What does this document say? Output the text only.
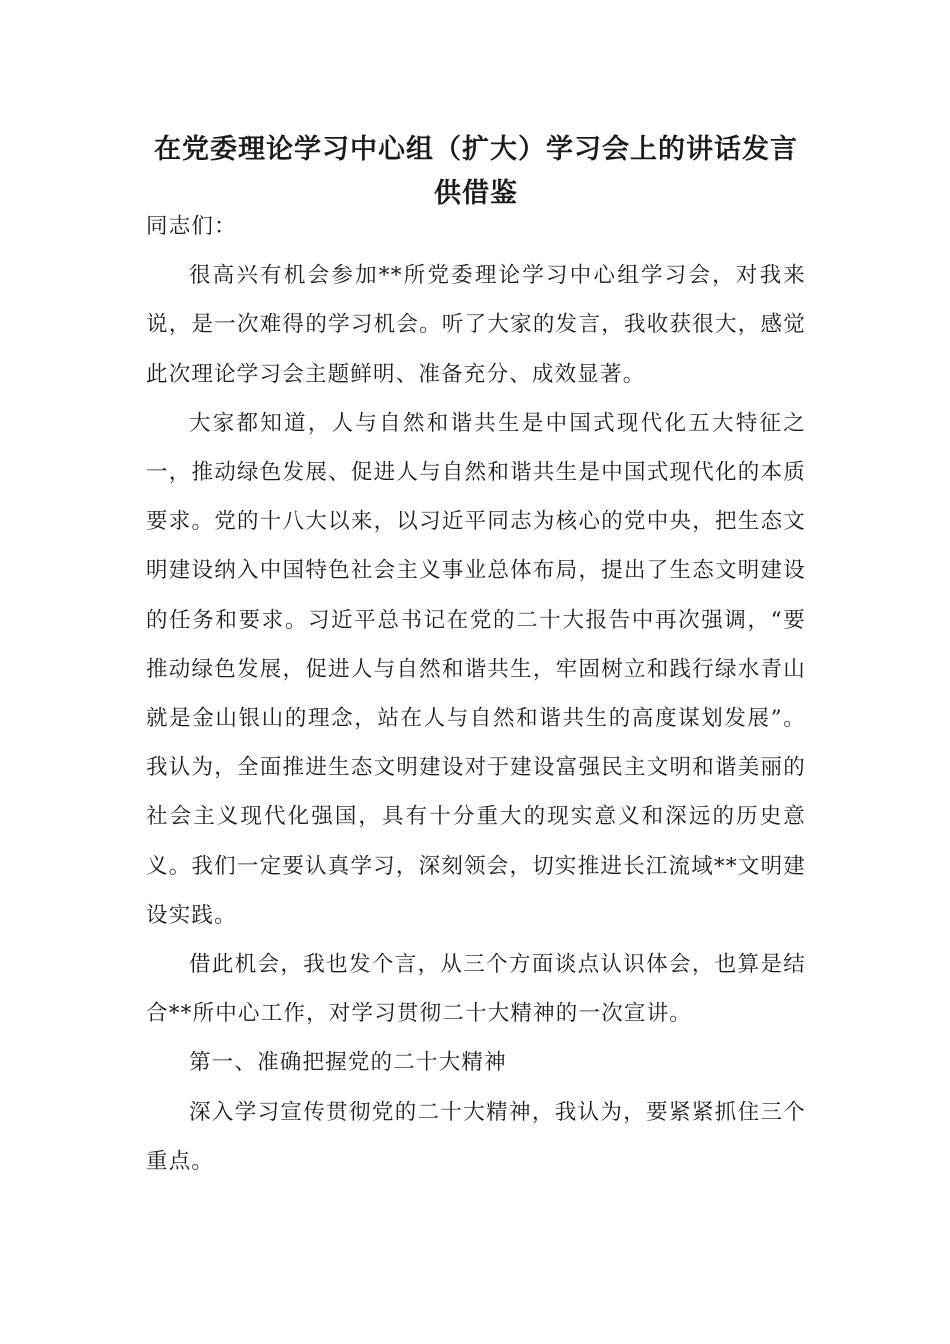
在党委理论学习中心组（扩大）学习会上的讲话发言供借鉴

同志们：

很高兴有机会参加**所党委理论学习中心组学习会，对我来说，是一次难得的学习机会。听了大家的发言，我收获很大，感觉此次理论学习会主题鲜明、准备充分、成效显著。

大家都知道，人与自然和谐共生是中国式现代化五大特征之一，推动绿色发展、促进人与自然和谐共生是中国式现代化的本质要求。党的十八大以来，以习近平同志为核心的党中央，把生态文明建设纳入中国特色社会主义事业总体布局，提出了生态文明建设的任务和要求。习近平总书记在党的二十大报告中再次强调，“要推动绿色发展，促进人与自然和谐共生，牢固树立和践行绿水青山就是金山银山的理念，站在人与自然和谐共生的高度谋划发展”。我认为，全面推进生态文明建设对于建设富强民主文明和谐美丽的社会主义现代化强国，具有十分重大的现实意义和深远的历史意义。我们一定要认真学习，深刻领会，切实推进长江流域**文明建设实践。

借此机会，我也发个言，从三个方面谈点认识体会，也算是结合**所中心工作，对学习贯彻二十大精神的一次宣讲。

第一、准确把握党的二十大精神

深入学习宣传贯彻党的二十大精神，我认为，要紧紧抓住三个重点。
